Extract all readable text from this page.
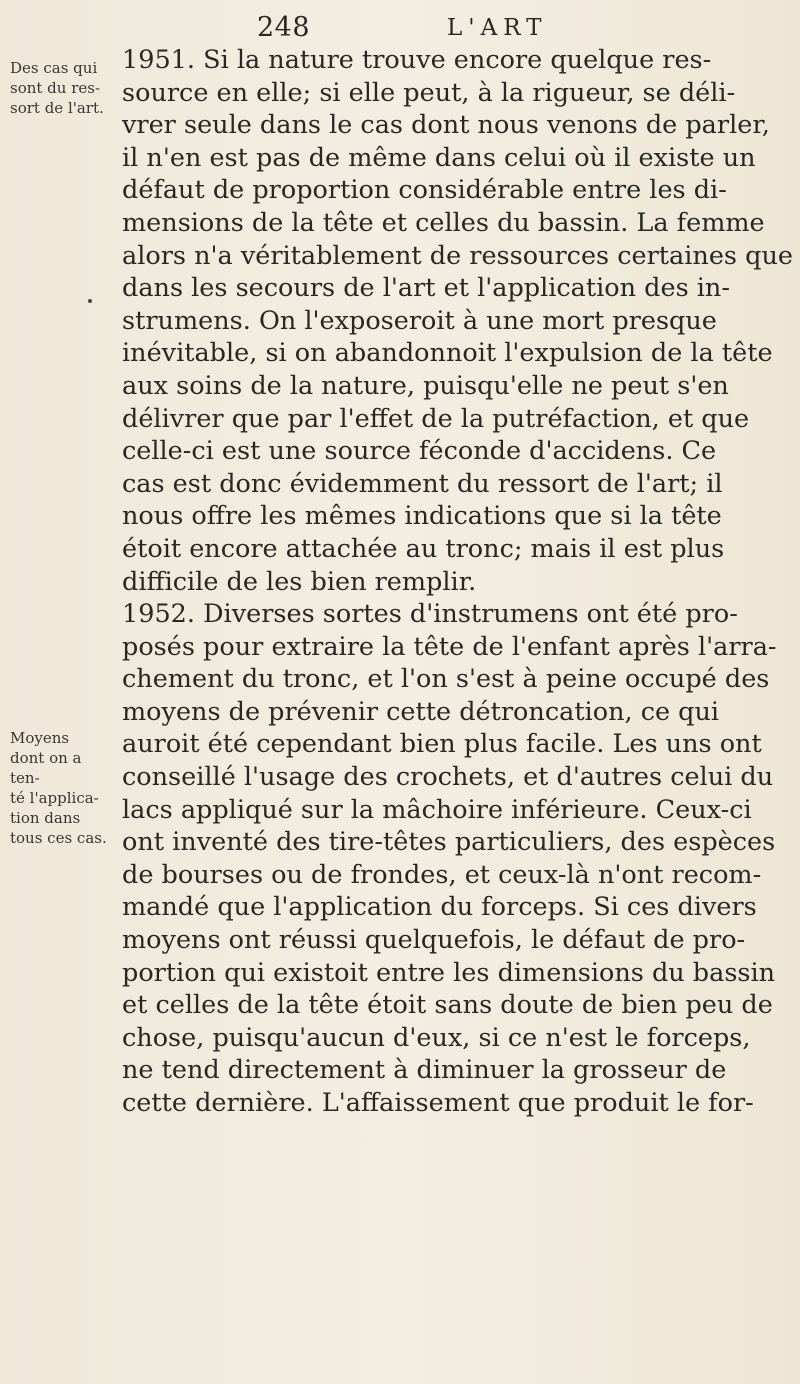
248	L'ART
Des cas qui
sont du res-
sort de l'art.
Moyens
dont on a ten-
té l'applica-
tion dans
tous ces cas.
1951. Si la nature trouve encore quelque res-
source en elle; si elle peut, à la rigueur, se déli-
vrer seule dans le cas dont nous venons de parler,
il n'en est pas de même dans celui où il existe un
défaut de proportion considérable entre les di-
mensions de la tête et celles du bassin. La femme
alors n'a véritablement de ressources certaines que
dans les secours de l'art et l'application des in-
strumens. On l'exposeroit à une mort presque
inévitable, si on abandonnoit l'expulsion de la tête
aux soins de la nature, puisqu'elle ne peut s'en
délivrer que par l'effet de la putréfaction, et que
celle-ci est une source féconde d'accidens. Ce
cas est donc évidemment du ressort de l'art; il
nous offre les mêmes indications que si la tête
étoit encore attachée au tronc; mais il est plus
difficile de les bien remplir.
1952. Diverses sortes d'instrumens ont été pro-
posés pour extraire la tête de l'enfant après l'arra-
chement du tronc, et l'on s'est à peine occupé des
moyens de prévenir cette détroncation, ce qui
auroit été cependant bien plus facile. Les uns ont
conseillé l'usage des crochets, et d'autres celui du
lacs appliqué sur la mâchoire inférieure. Ceux-ci
ont inventé des tire-têtes particuliers, des espèces
de bourses ou de frondes, et ceux-là n'ont recom-
mandé que l'application du forceps. Si ces divers
moyens ont réussi quelquefois, le défaut de pro-
portion qui existoit entre les dimensions du bassin
et celles de la tête étoit sans doute de bien peu de
chose, puisqu'aucun d'eux, si ce n'est le forceps,
ne tend directement à diminuer la grosseur de
cette dernière. L'affaissement que produit le for-
